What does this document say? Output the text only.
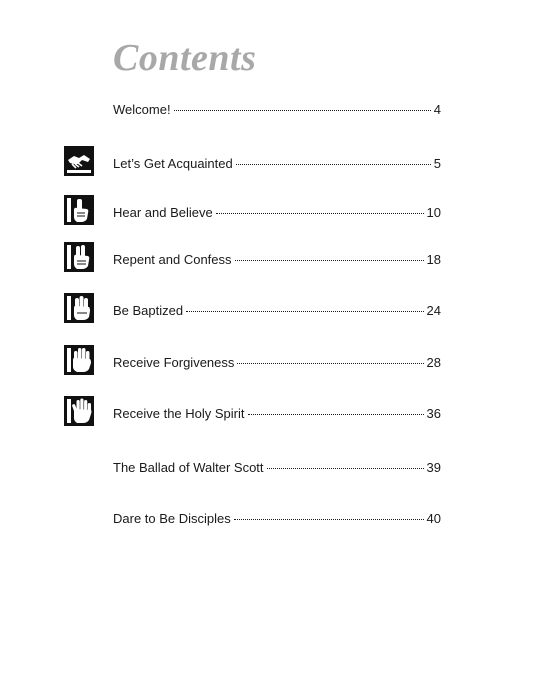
Contents
Welcome!	4
Let’s Get Acquainted	5
Hear and Believe	10
Repent and Confess	18
Be Baptized	24
Receive Forgiveness	28
Receive the Holy Spirit	36
The Ballad of Walter Scott	39
Dare to Be Disciples	40
